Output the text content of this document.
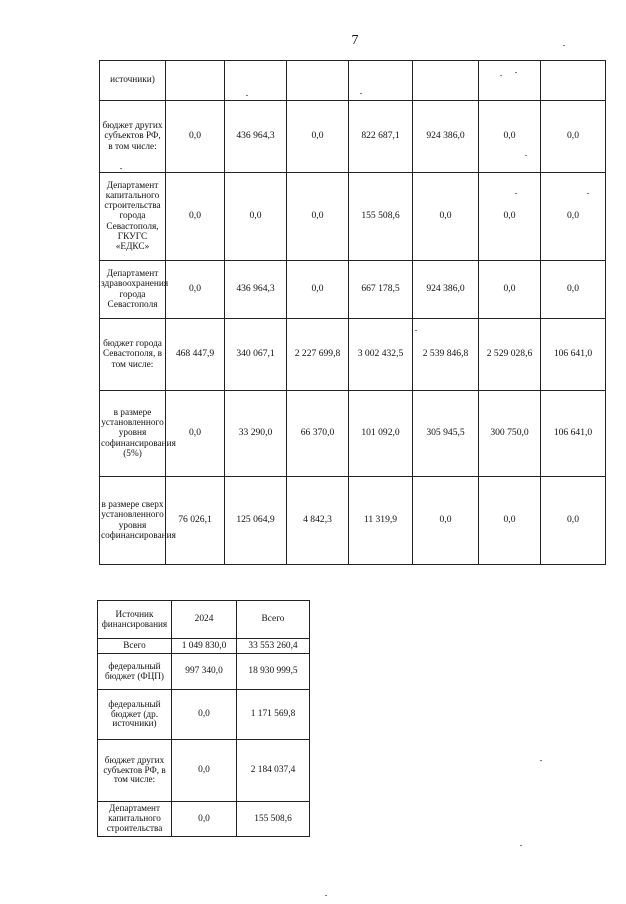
7
источники)							
бюджет других субъектов РФ, в том числе:	0,0	436 964,3	0,0	822 687,1	924 386,0	0,0	0,0
Департамент капитального строительства города Севастополя, ГКУГС «ЕДКС»	0,0	0,0	0,0	155 508,6	0,0	0,0	0,0
Департамент здравоохранения города Севастополя	0,0	436 964,3	0,0	667 178,5	924 386,0	0,0	0,0
бюджет города Севастополя, в том числе:	468 447,9	340 067,1	2 227 699,8	3 002 432,5	2 539 846,8	2 529 028,6	106 641,0
в размере установленного уровня софинансирования (5%)	0,0	33 290,0	66 370,0	101 092,0	305 945,5	300 750,0	106 641,0
в размере сверх установленного уровня софинансирования	76 026,1	125 064,9	4 842,3	11 319,9	0,0	0,0	0,0
Источник финансирования	2024	Всего
Всего	1 049 830,0	33 553 260,4
федеральный бюджет (ФЦП)	997 340,0	18 930 999,5
федеральный бюджет (др. источники)	0,0	1 171 569,8
бюджет других субъектов РФ, в том числе:	0,0	2 184 037,4
Департамент капитального строительства	0,0	155 508,6
